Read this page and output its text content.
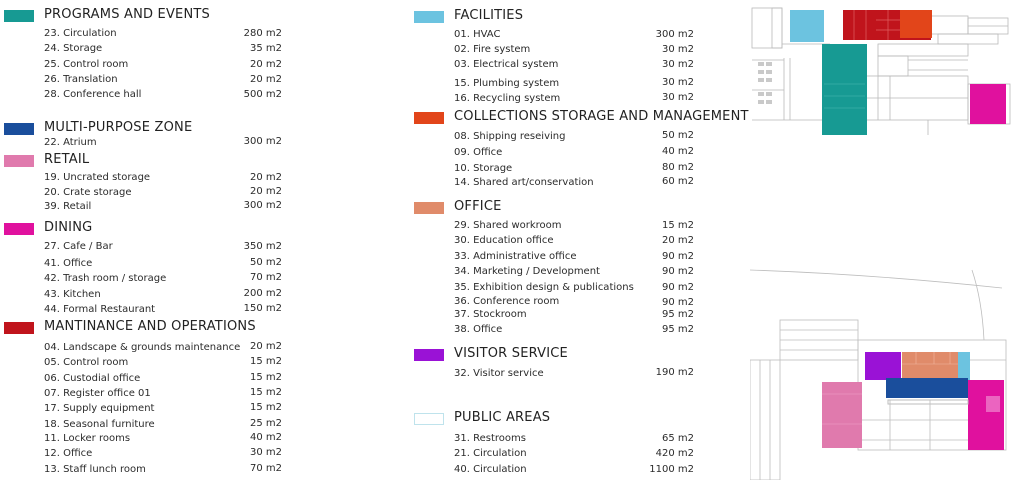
PROGRAMS AND EVENTS
23. Circulation
24. Storage
25. Control room
26. Translation
28. Conference hall
280 m2
35 m2
20 m2
20 m2
500 m2
MULTI-PURPOSE ZONE
22. Atrium	300 m2
RETAIL
19. Uncrated storage
20. Crate storage
39. Retail
20 m2
20 m2
300 m2
DINING
27. Cafe / Bar
41. Office
42. Trash room / storage
43. Kitchen
44. Formal Restaurant
350 m2
50 m2
70 m2
200 m2
150 m2
MANTINANCE AND OPERATIONS
04. Landscape & grounds maintenance
05. Control room
06. Custodial office
07. Register office 01
17. Supply equipment
18. Seasonal furniture
11. Locker rooms
12. Office
13. Staff lunch room
20 m2
15 m2
15 m2
15 m2
15 m2
25 m2
40 m2
30 m2
70 m2
FACILITIES
01. HVAC
02. Fire system
03. Electrical system
15. Plumbing system
16. Recycling system
300 m2
30 m2
30 m2
30 m2
30 m2
COLLECTIONS STORAGE AND MANAGEMENT
08. Shipping reseiving
09. Office
10. Storage
14. Shared art/conservation
50 m2
40 m2
80 m2
60 m2
OFFICE
29. Shared workroom
30. Education office
33. Administrative office
34. Marketing / Development
35. Exhibition design & publications
36. Conference room
37. Stockroom
38. Office
15 m2
20 m2
90 m2
90 m2
90 m2
90 m2
95 m2
95 m2
VISITOR SERVICE
32. Visitor service	190 m2
PUBLIC AREAS
31. Restrooms
21. Circulation
40. Circulation
65 m2
420 m2
1100 m2
